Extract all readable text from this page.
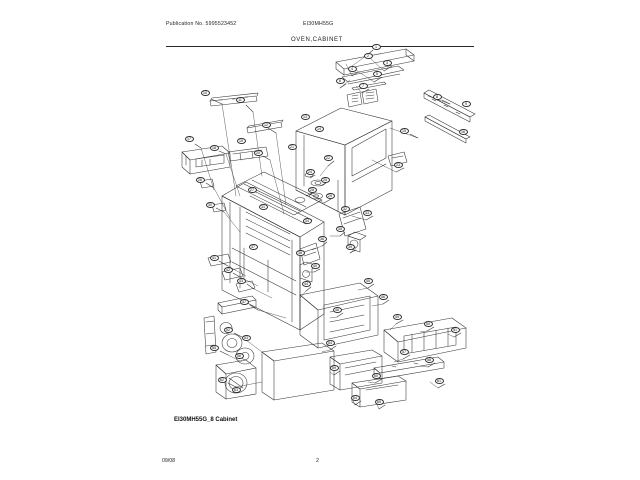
Publication No. 5995523452	EI30MH55G
OVEN,CABINET
1
2
3
4
5
6
7
8
9
10
11
12
13
14	15	16
17
18
19
20
21
22
23
24
25
26
27	28
29
30	31	32
33
34
35
36
37
38
39
40
41
42
43
44
45
46
47
48
49
50
51
52
53
54
55
56
57
58
59
60
61
62
63
64
65
EI30MH55G_8 Cabinet
09/08	2
